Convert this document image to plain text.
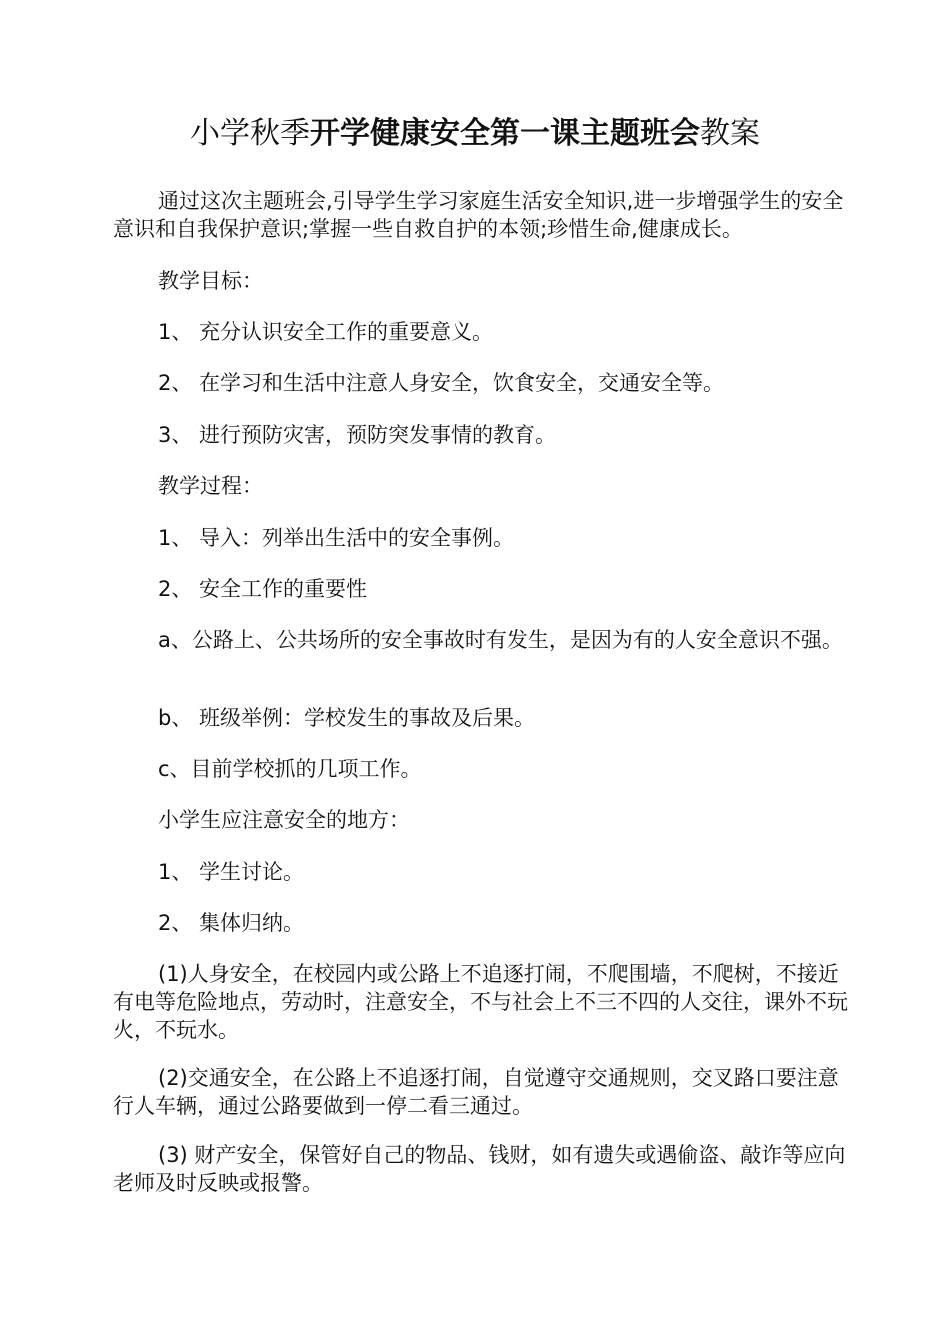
小学秋季开学健康安全第一课主题班会教案

通过这次主题班会,引导学生学习家庭生活安全知识,进一步增强学生的安全意识和自我保护意识;掌握一些自救自护的本领;珍惜生命,健康成长。

教学目标：

1、 充分认识安全工作的重要意义。

2、 在学习和生活中注意人身安全，饮食安全，交通安全等。

3、 进行预防灾害，预防突发事情的教育。

教学过程：

1、 导入：列举出生活中的安全事例。

2、 安全工作的重要性

a、公路上、公共场所的安全事故时有发生，是因为有的人安全意识不强。

b、 班级举例：学校发生的事故及后果。

c、目前学校抓的几项工作。

小学生应注意安全的地方：

1、 学生讨论。

2、 集体归纳。

(1)人身安全，在校园内或公路上不追逐打闹，不爬围墙，不爬树，不接近有电等危险地点，劳动时，注意安全，不与社会上不三不四的人交往，课外不玩火，不玩水。

(2)交通安全，在公路上不追逐打闹，自觉遵守交通规则，交叉路口要注意行人车辆，通过公路要做到一停二看三通过。

(3) 财产安全，保管好自己的物品、钱财，如有遗失或遇偷盗、敲诈等应向老师及时反映或报警。
